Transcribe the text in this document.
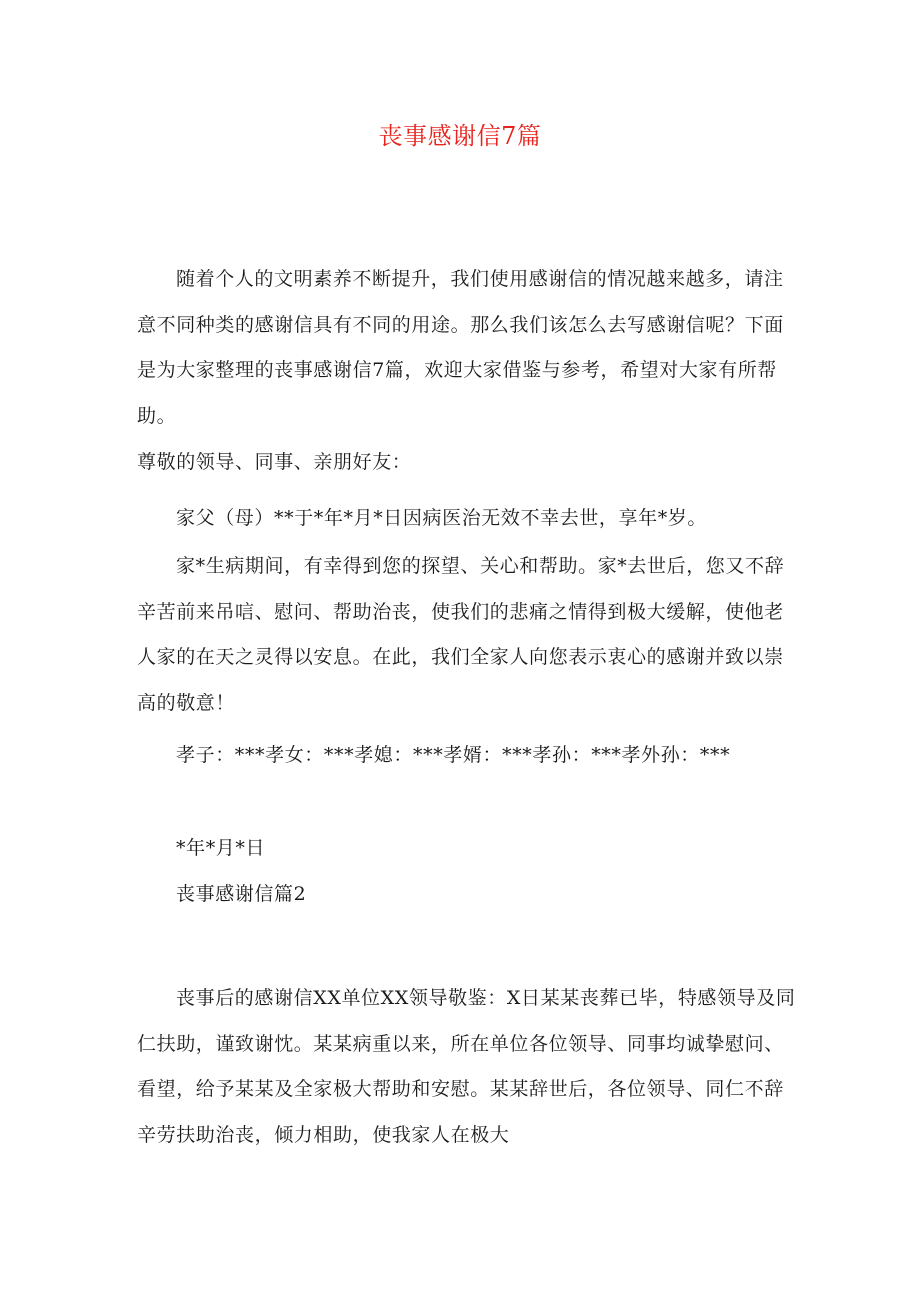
丧事感谢信7篇

随着个人的文明素养不断提升，我们使用感谢信的情况越来越多，请注意不同种类的感谢信具有不同的用途。那么我们该怎么去写感谢信呢？下面是为大家整理的丧事感谢信7篇，欢迎大家借鉴与参考，希望对大家有所帮助。

尊敬的领导、同事、亲朋好友：

家父（母）**于*年*月*日因病医治无效不幸去世，享年*岁。

家*生病期间，有幸得到您的探望、关心和帮助。家*去世后，您又不辞辛苦前来吊唁、慰问、帮助治丧，使我们的悲痛之情得到极大缓解，使他老人家的在天之灵得以安息。在此，我们全家人向您表示衷心的感谢并致以崇高的敬意！

孝子：***孝女：***孝媳：***孝婿：***孝孙：***孝外孙：***

*年*月*日

丧事感谢信篇2

丧事后的感谢信XX单位XX领导敬鉴：X日某某丧葬已毕，特感领导及同仁扶助，谨致谢忱。某某病重以来，所在单位各位领导、同事均诚挚慰问、看望，给予某某及全家极大帮助和安慰。某某辞世后，各位领导、同仁不辞辛劳扶助治丧，倾力相助，使我家人在极大
